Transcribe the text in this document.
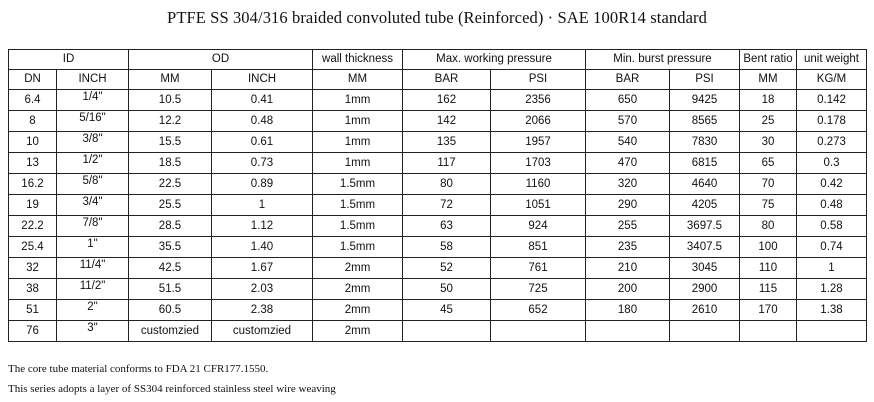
PTFE SS 304/316 braided convoluted tube (Reinforced) · SAE 100R14 standard
ID		OD		wall thickness	Max. working pressure		Min. burst pressure		Bent ratio	unit weight
DN	INCH	MM	INCH	MM	BAR	PSI	BAR	PSI	MM	KG/M
6.4	1/4"	10.5	0.41	1mm	162	2356	650	9425	18	0.142
8	5/16"	12.2	0.48	1mm	142	2066	570	8565	25	0.178
10	3/8"	15.5	0.61	1mm	135	1957	540	7830	30	0.273
13	1/2"	18.5	0.73	1mm	117	1703	470	6815	65	0.3
16.2	5/8"	22.5	0.89	1.5mm	80	1160	320	4640	70	0.42
19	3/4"	25.5	1	1.5mm	72	1051	290	4205	75	0.48
22.2	7/8"	28.5	1.12	1.5mm	63	924	255	3697.5	80	0.58
25.4	1"	35.5	1.40	1.5mm	58	851	235	3407.5	100	0.74
32	11/4"	42.5	1.67	2mm	52	761	210	3045	110	1
38	11/2"	51.5	2.03	2mm	50	725	200	2900	115	1.28
51	2"	60.5	2.38	2mm	45	652	180	2610	170	1.38
76	3"	customzied	customzied	2mm						
The core tube material conforms to FDA 21 CFR177.1550.
This series adopts a layer of SS304 reinforced stainless steel wire weaving
